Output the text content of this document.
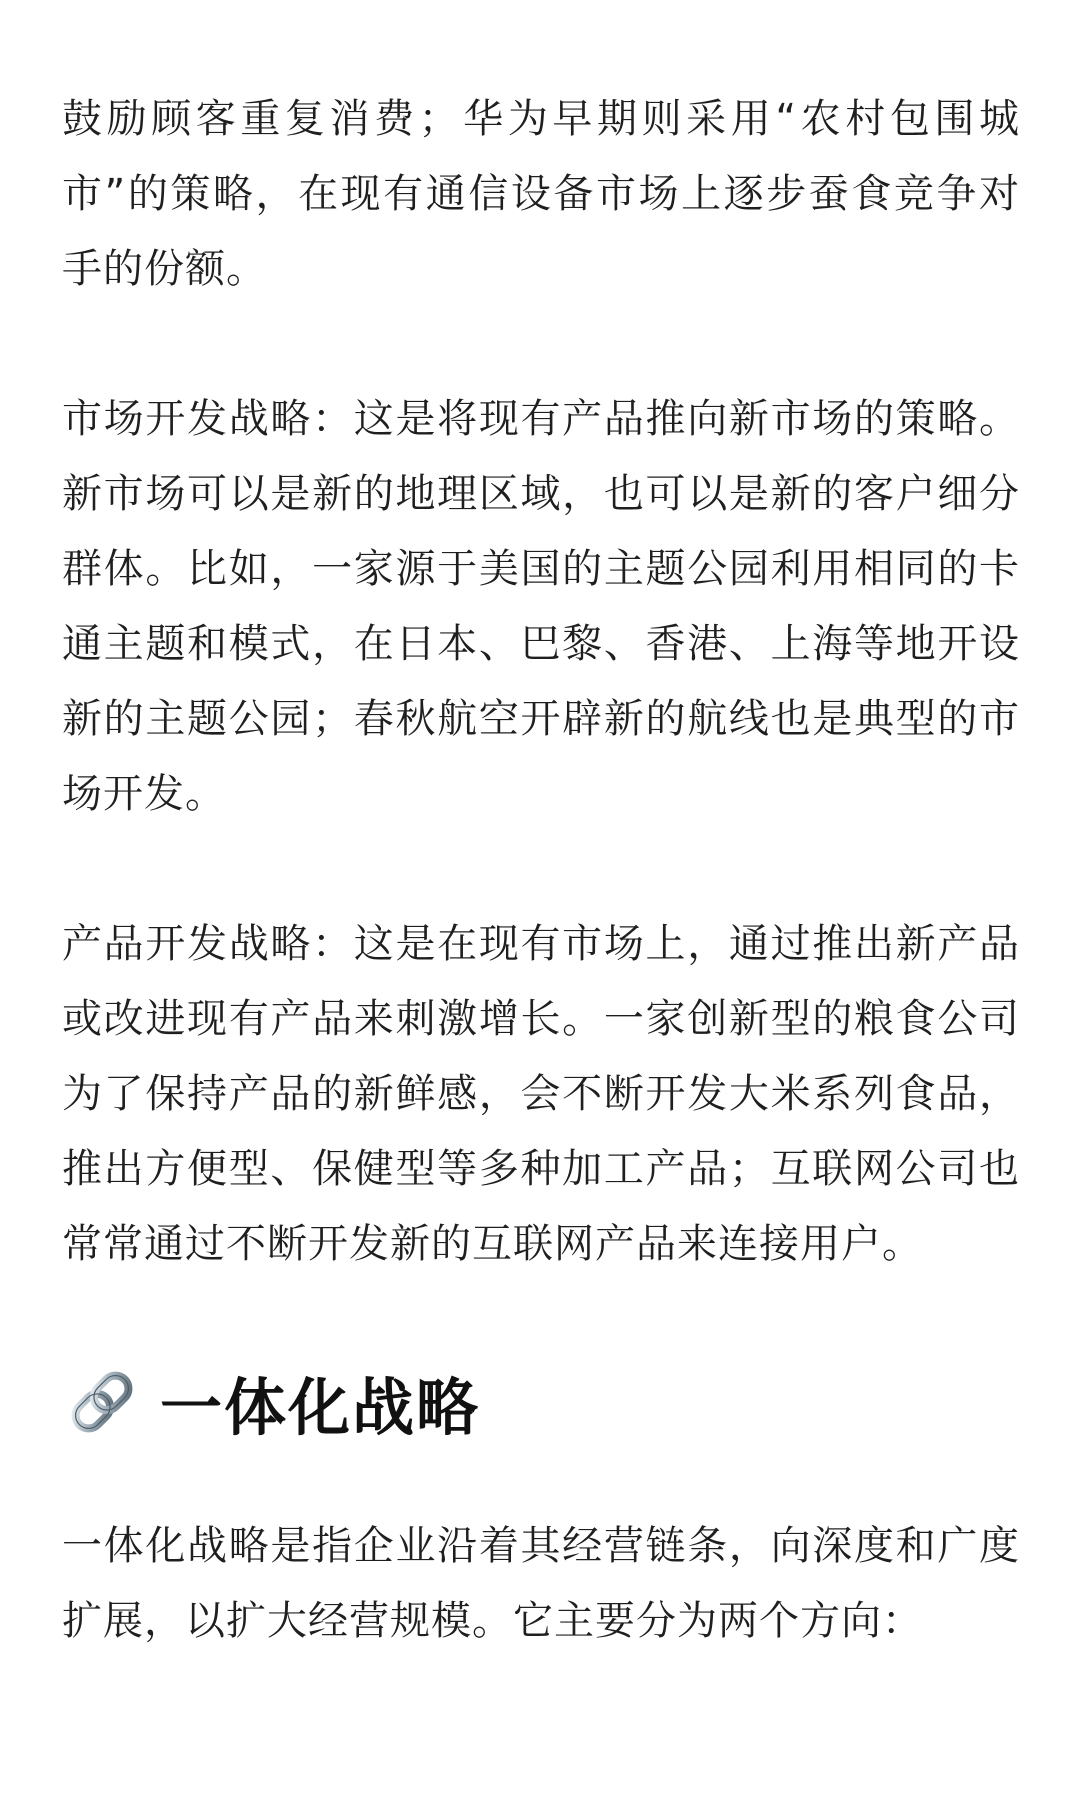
鼓励顾客重复消费；华为早期则采用“农村包围城市”的策略，在现有通信设备市场上逐步蚕食竞争对手的份额。

市场开发战略：这是将现有产品推向新市场的策略。新市场可以是新的地理区域，也可以是新的客户细分群体。比如，一家源于美国的主题公园利用相同的卡通主题和模式，在日本、巴黎、香港、上海等地开设新的主题公园；春秋航空开辟新的航线也是典型的市场开发。

产品开发战略：这是在现有市场上，通过推出新产品或改进现有产品来刺激增长。一家创新型的粮食公司为了保持产品的新鲜感，会不断开发大米系列食品，推出方便型、保健型等多种加工产品；互联网公司也常常通过不断开发新的互联网产品来连接用户。

一体化战略

一体化战略是指企业沿着其经营链条，向深度和广度扩展，以扩大经营规模。它主要分为两个方向：
